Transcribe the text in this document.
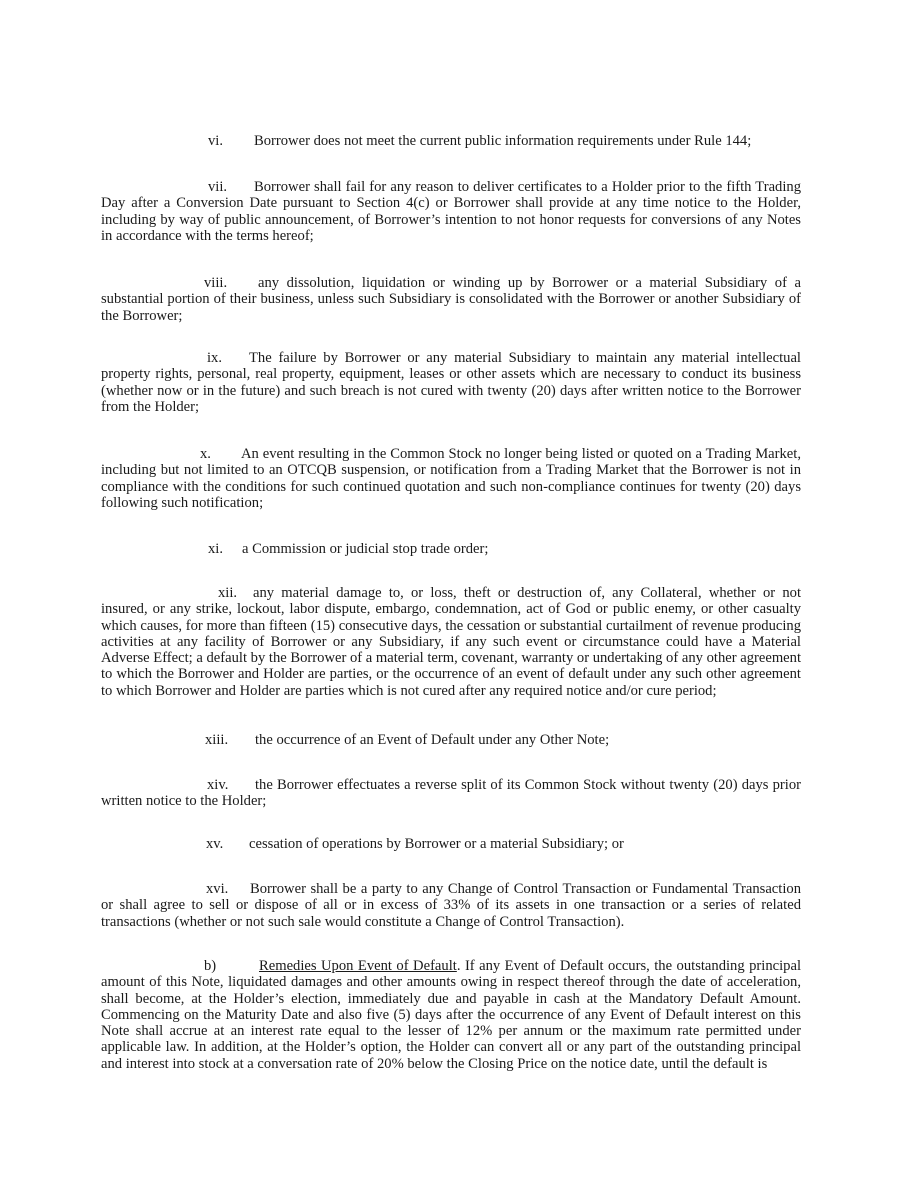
vi. Borrower does not meet the current public information requirements under Rule 144;

vii. Borrower shall fail for any reason to deliver certificates to a Holder prior to the fifth Trading Day after a Conversion Date pursuant to Section 4(c) or Borrower shall provide at any time notice to the Holder, including by way of public announcement, of Borrower’s intention to not honor requests for conversions of any Notes in accordance with the terms hereof;

viii. any dissolution, liquidation or winding up by Borrower or a material Subsidiary of a substantial portion of their business, unless such Subsidiary is consolidated with the Borrower or another Subsidiary of the Borrower;

ix. The failure by Borrower or any material Subsidiary to maintain any material intellectual property rights, personal, real property, equipment, leases or other assets which are necessary to conduct its business (whether now or in the future) and such breach is not cured with twenty (20) days after written notice to the Borrower from the Holder;

x. An event resulting in the Common Stock no longer being listed or quoted on a Trading Market, including but not limited to an OTCQB suspension, or notification from a Trading Market that the Borrower is not in compliance with the conditions for such continued quotation and such non-compliance continues for twenty (20) days following such notification;

xi. a Commission or judicial stop trade order;

xii. any material damage to, or loss, theft or destruction of, any Collateral, whether or not insured, or any strike, lockout, labor dispute, embargo, condemnation, act of God or public enemy, or other casualty which causes, for more than fifteen (15) consecutive days, the cessation or substantial curtailment of revenue producing activities at any facility of Borrower or any Subsidiary, if any such event or circumstance could have a Material Adverse Effect; a default by the Borrower of a material term, covenant, warranty or undertaking of any other agreement to which the Borrower and Holder are parties, or the occurrence of an event of default under any such other agreement to which Borrower and Holder are parties which is not cured after any required notice and/or cure period;

xiii. the occurrence of an Event of Default under any Other Note;

xiv. the Borrower effectuates a reverse split of its Common Stock without twenty (20) days prior written notice to the Holder;

xv. cessation of operations by Borrower or a material Subsidiary; or

xvi. Borrower shall be a party to any Change of Control Transaction or Fundamental Transaction or shall agree to sell or dispose of all or in excess of 33% of its assets in one transaction or a series of related transactions (whether or not such sale would constitute a Change of Control Transaction).

b)	Remedies Upon Event of Default. If any Event of Default occurs, the outstanding principal amount of this Note, liquidated damages and other amounts owing in respect thereof through the date of acceleration, shall become, at the Holder’s election, immediately due and payable in cash at the Mandatory Default Amount. Commencing on the Maturity Date and also five (5) days after the occurrence of any Event of Default interest on this Note shall accrue at an interest rate equal to the lesser of 12% per annum or the maximum rate permitted under applicable law. In addition, at the Holder’s option, the Holder can convert all or any part of the outstanding principal and interest into stock at a conversation rate of 20% below the Closing Price on the notice date, until the default is
